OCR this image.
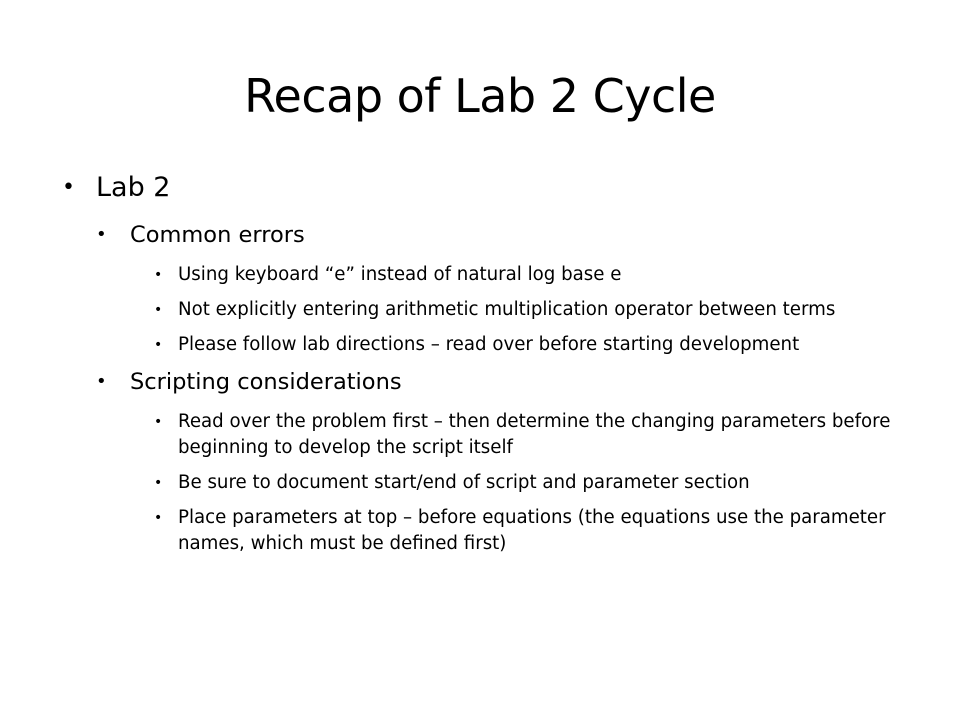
Recap of Lab 2 Cycle
• Lab 2
• Common errors
• Using keyboard “e” instead of natural log base e
• Not explicitly entering arithmetic multiplication operator between terms
• Please follow lab directions – read over before starting development
• Scripting considerations
• Read over the problem first – then determine the changing parameters before beginning to develop the script itself
• Be sure to document start/end of script and parameter section
• Place parameters at top – before equations (the equations use the parameter names, which must be defined first)
